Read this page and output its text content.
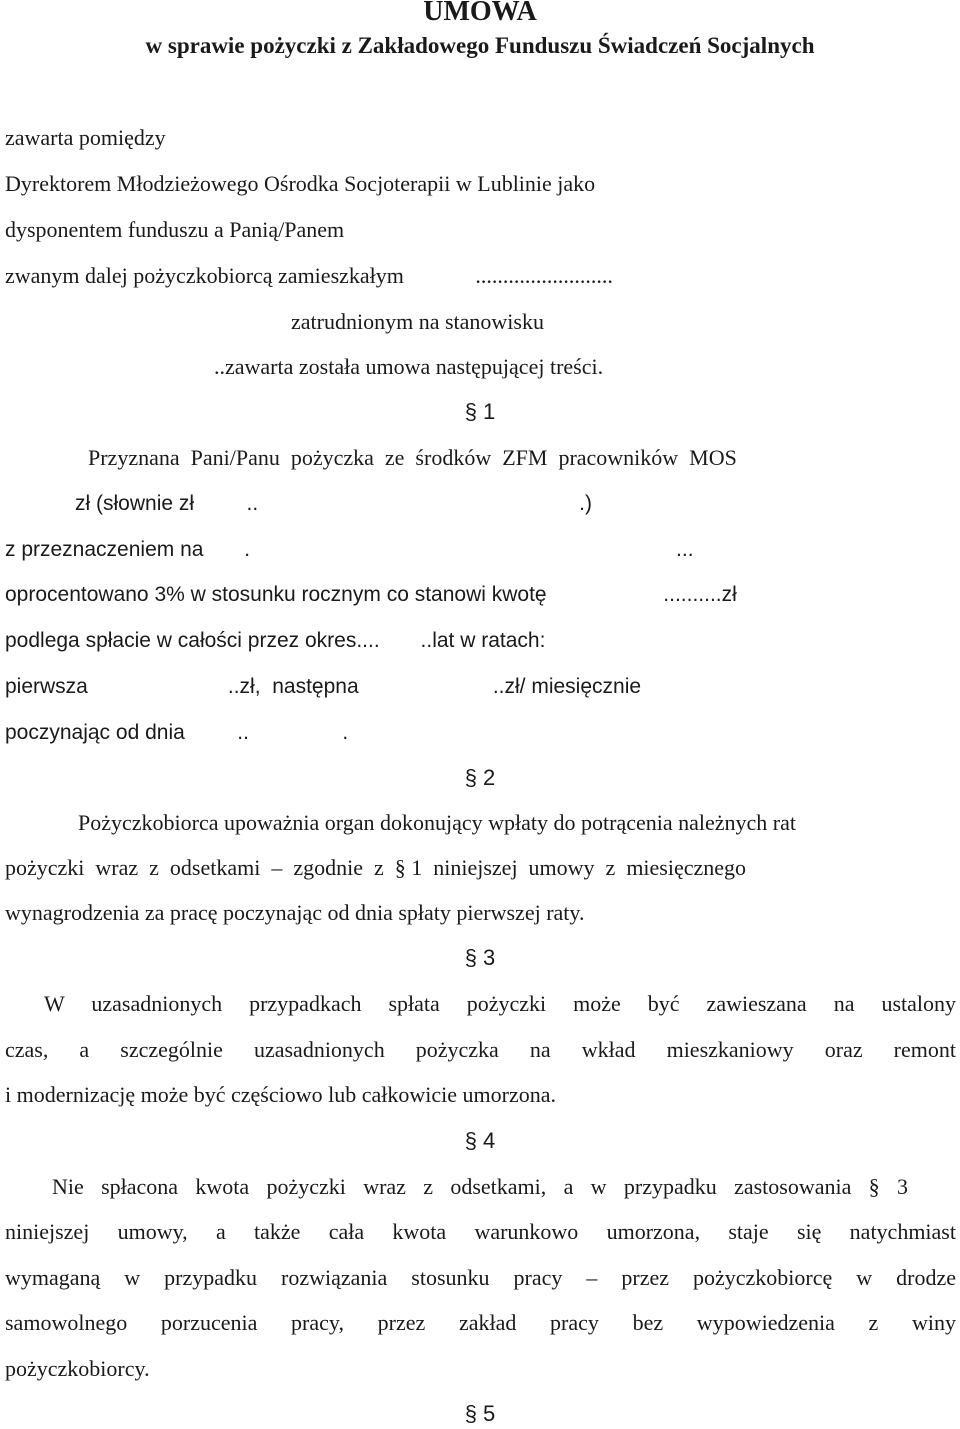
UMOWA
w sprawie pożyczki z Zakładowego Funduszu Świadczeń Socjalnych
zawarta pomiędzy
Dyrektorem Młodzieżowego Ośrodka Socjoterapii w Lublinie jako
dysponentem funduszu a Panią/Panem
zwanym dalej pożyczkobiorcą zamieszkałym             .........................
zatrudnionym na stanowisku
..zawarta została umowa następującej treści.
§ 1
Przyznana  Pani/Panu  pożyczka  ze  środków  ZFM  pracowników  MOS
zł (słownie zł         ..                                                       .)
z przeznaczeniem na       .                                                                         ...
oprocentowano 3% w stosunku rocznym co stanowi kwotę                    ..........zł
podlega spłacie w całości przez okres....       ..lat w ratach:
pierwsza                        ..zł,  następna                       ..zł/ miesięcznie
poczynając od dnia         ..                .
§ 2
Pożyczkobiorca upoważnia organ dokonujący wpłaty do potrącenia należnych rat
pożyczki  wraz  z  odsetkami  –  zgodnie  z  § 1  niniejszej  umowy  z  miesięcznego
wynagrodzenia za pracę poczynając od dnia spłaty pierwszej raty.
§ 3
W uzasadnionych przypadkach spłata pożyczki może być zawieszana na ustalony
czas, a szczególnie uzasadnionych pożyczka na wkład mieszkaniowy oraz remont
i modernizację może być częściowo lub całkowicie umorzona.
§ 4
Nie spłacona kwota pożyczki wraz z odsetkami, a w przypadku zastosowania § 3
niniejszej umowy, a także cała kwota warunkowo umorzona, staje się natychmiast
wymaganą w przypadku rozwiązania stosunku pracy – przez pożyczkobiorcę w drodze
samowolnego porzucenia pracy, przez zakład pracy bez wypowiedzenia z winy
pożyczkobiorcy.
§ 5
